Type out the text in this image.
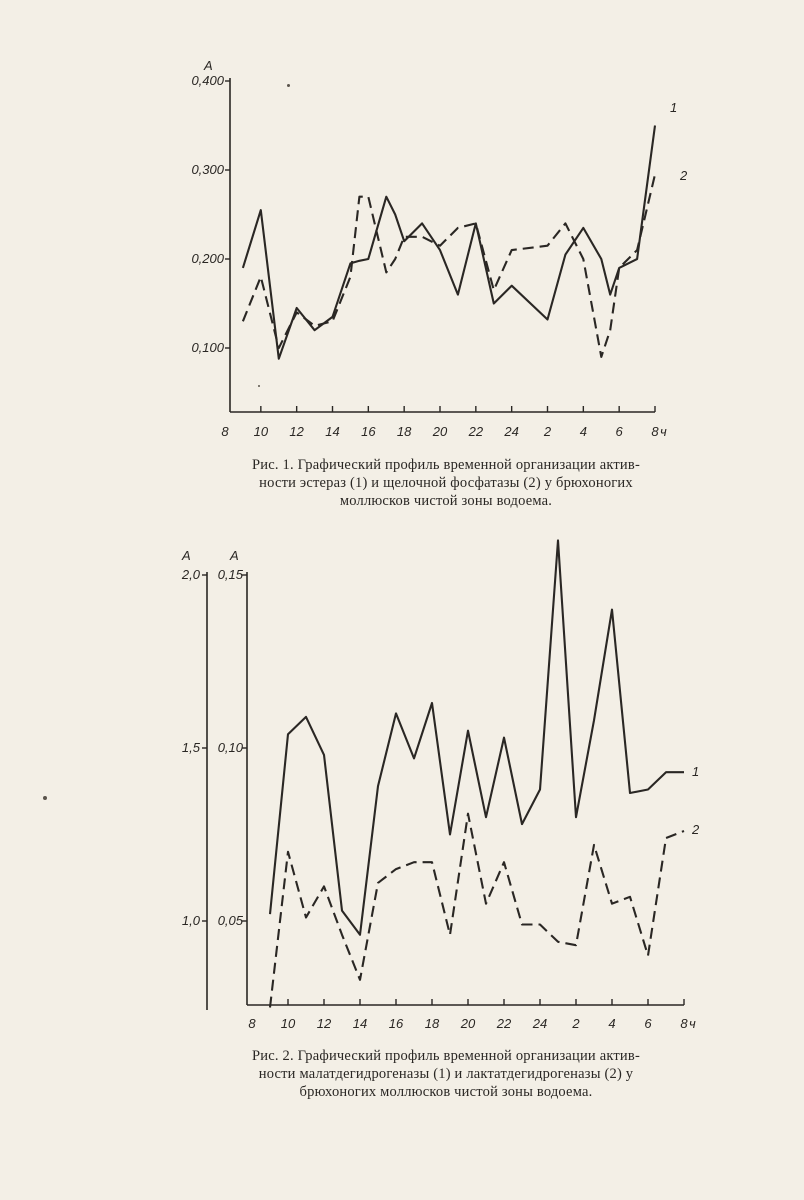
А
0,400
0,300
0,200
0,100
8 10 12 14 16 18 20 22 24 2 4 6 8 ч
1
2
Рис. 1. Графический профиль временной организации актив-
ности эстераз (1) и щелочной фосфатазы (2) у брюхоногих
моллюсков чистой зоны водоема.
А	А
2,0
1,5
1,0
0,15
0,10
0,05
8 10 12 14 16 18 20 22 24 2 4 6 8 ч
1
2
Рис. 2. Графический профиль временной организации актив-
ности малатдегидрогеназы (1) и лактатдегидрогеназы (2) у
брюхоногих моллюсков чистой зоны водоема.
